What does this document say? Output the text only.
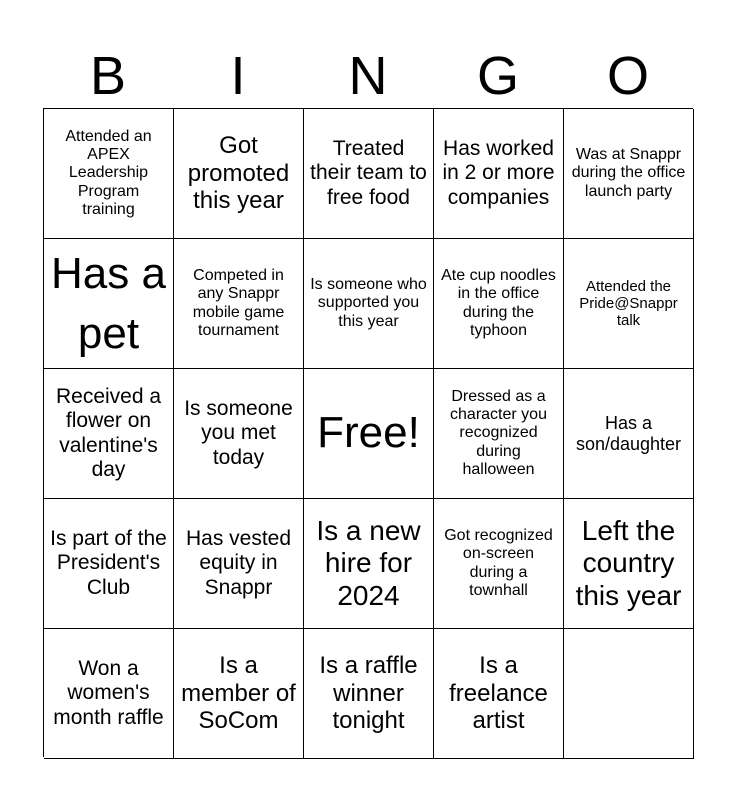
B	I	N	G	O
Attended an APEX Leadership Program training
Got promoted this year
Treated their team to free food
Has worked in 2 or more companies
Was at Snappr during the office launch party
Has a pet
Competed in any Snappr mobile game tournament
Is someone who supported you this year
Ate cup noodles in the office during the typhoon
Attended the Pride@Snappr talk
Received a flower on valentine's day
Is someone you met today	Free!
Dressed as a character you recognized during halloween
Has a son/daughter
Is part of the President's Club
Has vested equity in Snappr
Is a new hire for 2024
Got recognized on-screen during a townhall
Left the country this year
Won a women's month raffle
Is a member of SoCom
Is a raffle winner tonight
Is a freelance artist
